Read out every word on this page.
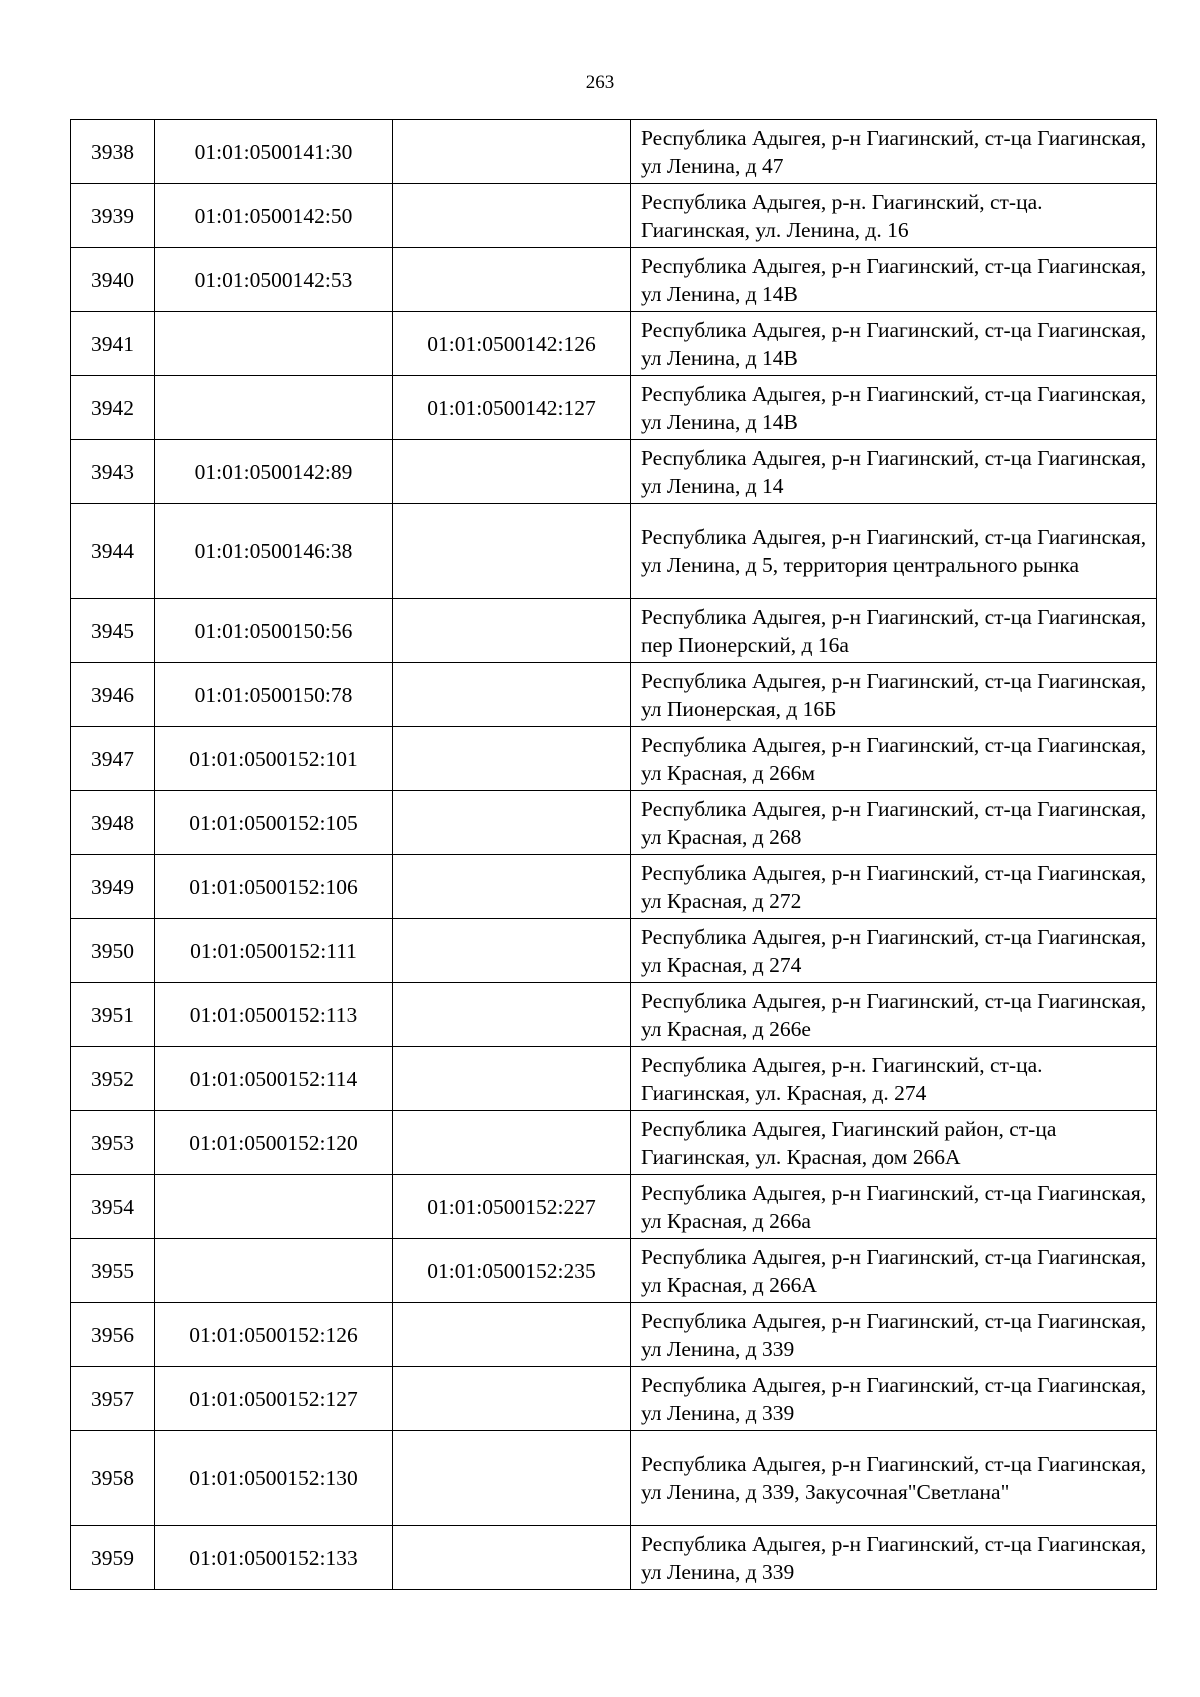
263
3938	01:01:0500141:30		Республика Адыгея, р-н Гиагинский, ст-ца Гиагинская, ул Ленина, д 47
3939	01:01:0500142:50		Республика Адыгея, р-н. Гиагинский, ст-ца. Гиагинская, ул. Ленина, д. 16
3940	01:01:0500142:53		Республика Адыгея, р-н Гиагинский, ст-ца Гиагинская, ул Ленина, д 14В
3941		01:01:0500142:126	Республика Адыгея, р-н Гиагинский, ст-ца Гиагинская, ул Ленина, д 14В
3942		01:01:0500142:127	Республика Адыгея, р-н Гиагинский, ст-ца Гиагинская, ул Ленина, д 14В
3943	01:01:0500142:89		Республика Адыгея, р-н Гиагинский, ст-ца Гиагинская, ул Ленина, д 14
3944	01:01:0500146:38		Республика Адыгея, р-н Гиагинский, ст-ца Гиагинская, ул Ленина, д 5, территория центрального рынка
3945	01:01:0500150:56		Республика Адыгея, р-н Гиагинский, ст-ца Гиагинская, пер Пионерский, д 16а
3946	01:01:0500150:78		Республика Адыгея, р-н Гиагинский, ст-ца Гиагинская, ул Пионерская, д 16Б
3947	01:01:0500152:101		Республика Адыгея, р-н Гиагинский, ст-ца Гиагинская, ул Красная, д 266м
3948	01:01:0500152:105		Республика Адыгея, р-н Гиагинский, ст-ца Гиагинская, ул Красная, д 268
3949	01:01:0500152:106		Республика Адыгея, р-н Гиагинский, ст-ца Гиагинская, ул Красная, д 272
3950	01:01:0500152:111		Республика Адыгея, р-н Гиагинский, ст-ца Гиагинская, ул Красная, д 274
3951	01:01:0500152:113		Республика Адыгея, р-н Гиагинский, ст-ца Гиагинская, ул Красная, д 266е
3952	01:01:0500152:114		Республика Адыгея, р-н. Гиагинский, ст-ца. Гиагинская, ул. Красная, д. 274
3953	01:01:0500152:120		Республика Адыгея, Гиагинский район, ст-ца Гиагинская, ул. Красная, дом 266А
3954		01:01:0500152:227	Республика Адыгея, р-н Гиагинский, ст-ца Гиагинская, ул Красная, д 266а
3955		01:01:0500152:235	Республика Адыгея, р-н Гиагинский, ст-ца Гиагинская, ул Красная, д 266А
3956	01:01:0500152:126		Республика Адыгея, р-н Гиагинский, ст-ца Гиагинская, ул Ленина, д 339
3957	01:01:0500152:127		Республика Адыгея, р-н Гиагинский, ст-ца Гиагинская, ул Ленина, д 339
3958	01:01:0500152:130		Республика Адыгея, р-н Гиагинский, ст-ца Гиагинская, ул Ленина, д 339, Закусочная"Светлана"
3959	01:01:0500152:133		Республика Адыгея, р-н Гиагинский, ст-ца Гиагинская, ул Ленина, д 339
